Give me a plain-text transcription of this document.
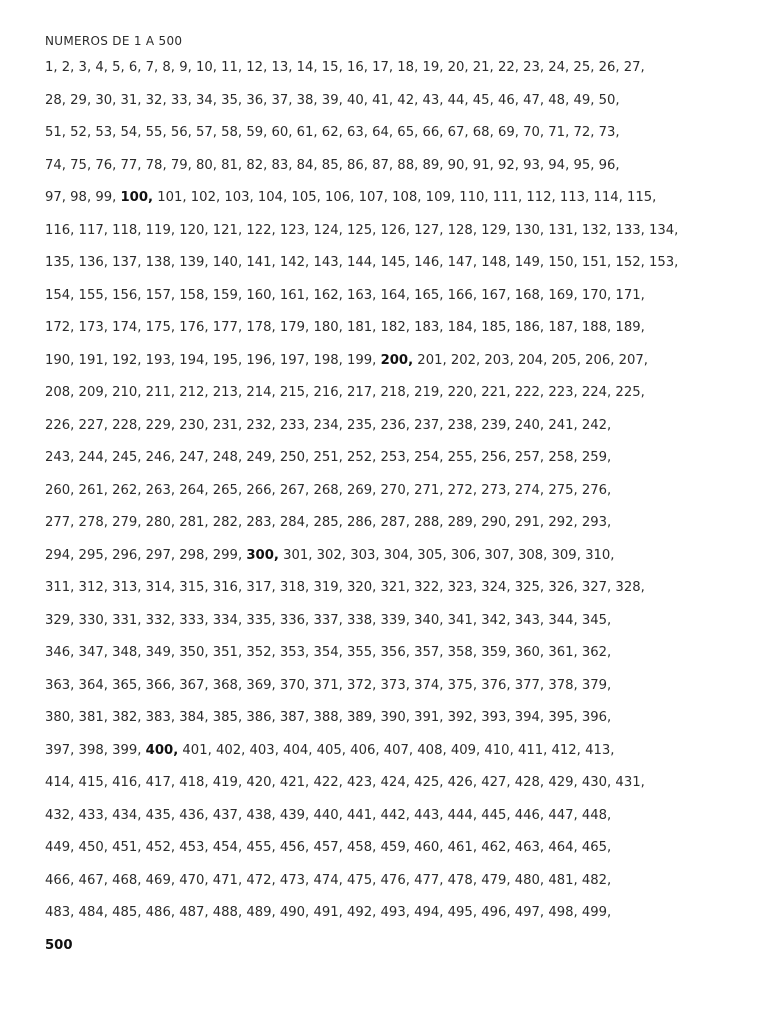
NUMEROS DE 1 A 500
1, 2, 3, 4, 5, 6, 7, 8, 9, 10, 11, 12, 13, 14, 15, 16, 17, 18, 19, 20, 21, 22, 23, 24, 25, 26, 27,
28, 29, 30, 31, 32, 33, 34, 35, 36, 37, 38, 39, 40, 41, 42, 43, 44, 45, 46, 47, 48, 49, 50,
51, 52, 53, 54, 55, 56, 57, 58, 59, 60, 61, 62, 63, 64, 65, 66, 67, 68, 69, 70, 71, 72, 73,
74, 75, 76, 77, 78, 79, 80, 81, 82, 83, 84, 85, 86, 87, 88, 89, 90, 91, 92, 93, 94, 95, 96,
97, 98, 99, 100, 101, 102, 103, 104, 105, 106, 107, 108, 109, 110, 111, 112, 113, 114, 115,
116, 117, 118, 119, 120, 121, 122, 123, 124, 125, 126, 127, 128, 129, 130, 131, 132, 133, 134,
135, 136, 137, 138, 139, 140, 141, 142, 143, 144, 145, 146, 147, 148, 149, 150, 151, 152, 153,
154, 155, 156, 157, 158, 159, 160, 161, 162, 163, 164, 165, 166, 167, 168, 169, 170, 171,
172, 173, 174, 175, 176, 177, 178, 179, 180, 181, 182, 183, 184, 185, 186, 187, 188, 189,
190, 191, 192, 193, 194, 195, 196, 197, 198, 199, 200, 201, 202, 203, 204, 205, 206, 207,
208, 209, 210, 211, 212, 213, 214, 215, 216, 217, 218, 219, 220, 221, 222, 223, 224, 225,
226, 227, 228, 229, 230, 231, 232, 233, 234, 235, 236, 237, 238, 239, 240, 241, 242,
243, 244, 245, 246, 247, 248, 249, 250, 251, 252, 253, 254, 255, 256, 257, 258, 259,
260, 261, 262, 263, 264, 265, 266, 267, 268, 269, 270, 271, 272, 273, 274, 275, 276,
277, 278, 279, 280, 281, 282, 283, 284, 285, 286, 287, 288, 289, 290, 291, 292, 293,
294, 295, 296, 297, 298, 299, 300, 301, 302, 303, 304, 305, 306, 307, 308, 309, 310,
311, 312, 313, 314, 315, 316, 317, 318, 319, 320, 321, 322, 323, 324, 325, 326, 327, 328,
329, 330, 331, 332, 333, 334, 335, 336, 337, 338, 339, 340, 341, 342, 343, 344, 345,
346, 347, 348, 349, 350, 351, 352, 353, 354, 355, 356, 357, 358, 359, 360, 361, 362,
363, 364, 365, 366, 367, 368, 369, 370, 371, 372, 373, 374, 375, 376, 377, 378, 379,
380, 381, 382, 383, 384, 385, 386, 387, 388, 389, 390, 391, 392, 393, 394, 395, 396,
397, 398, 399, 400, 401, 402, 403, 404, 405, 406, 407, 408, 409, 410, 411, 412, 413,
414, 415, 416, 417, 418, 419, 420, 421, 422, 423, 424, 425, 426, 427, 428, 429, 430, 431,
432, 433, 434, 435, 436, 437, 438, 439, 440, 441, 442, 443, 444, 445, 446, 447, 448,
449, 450, 451, 452, 453, 454, 455, 456, 457, 458, 459, 460, 461, 462, 463, 464, 465,
466, 467, 468, 469, 470, 471, 472, 473, 474, 475, 476, 477, 478, 479, 480, 481, 482,
483, 484, 485, 486, 487, 488, 489, 490, 491, 492, 493, 494, 495, 496, 497, 498, 499,
500
